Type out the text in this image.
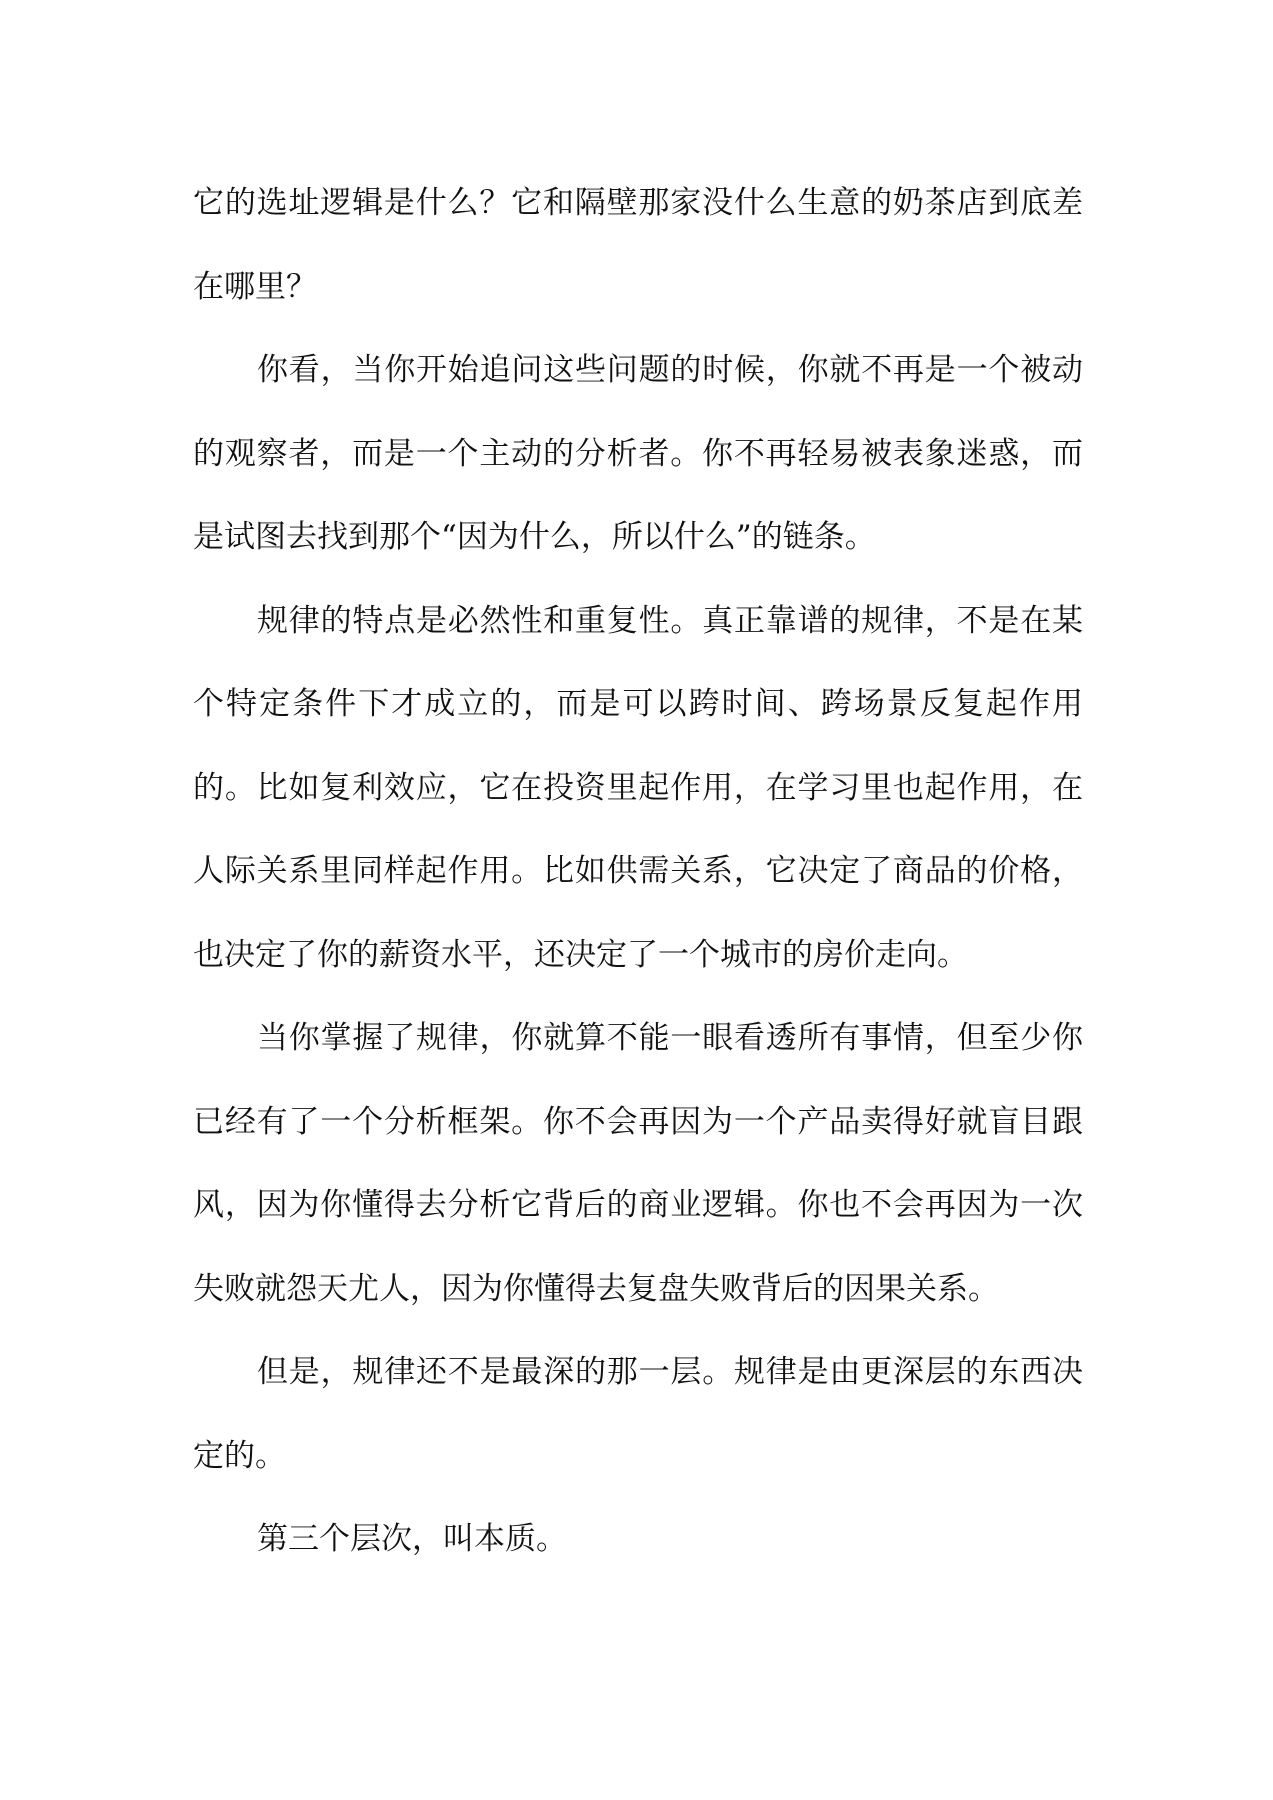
它的选址逻辑是什么？它和隔壁那家没什么生意的奶茶店到底差在哪里？

你看，当你开始追问这些问题的时候，你就不再是一个被动的观察者，而是一个主动的分析者。你不再轻易被表象迷惑，而是试图去找到那个“因为什么，所以什么”的链条。

规律的特点是必然性和重复性。真正靠谱的规律，不是在某个特定条件下才成立的，而是可以跨时间、跨场景反复起作用的。比如复利效应，它在投资里起作用，在学习里也起作用，在人际关系里同样起作用。比如供需关系，它决定了商品的价格，也决定了你的薪资水平，还决定了一个城市的房价走向。

当你掌握了规律，你就算不能一眼看透所有事情，但至少你已经有了一个分析框架。你不会再因为一个产品卖得好就盲目跟风，因为你懂得去分析它背后的商业逻辑。你也不会再因为一次失败就怨天尤人，因为你懂得去复盘失败背后的因果关系。

但是，规律还不是最深的那一层。规律是由更深层的东西决定的。

第三个层次，叫本质。
